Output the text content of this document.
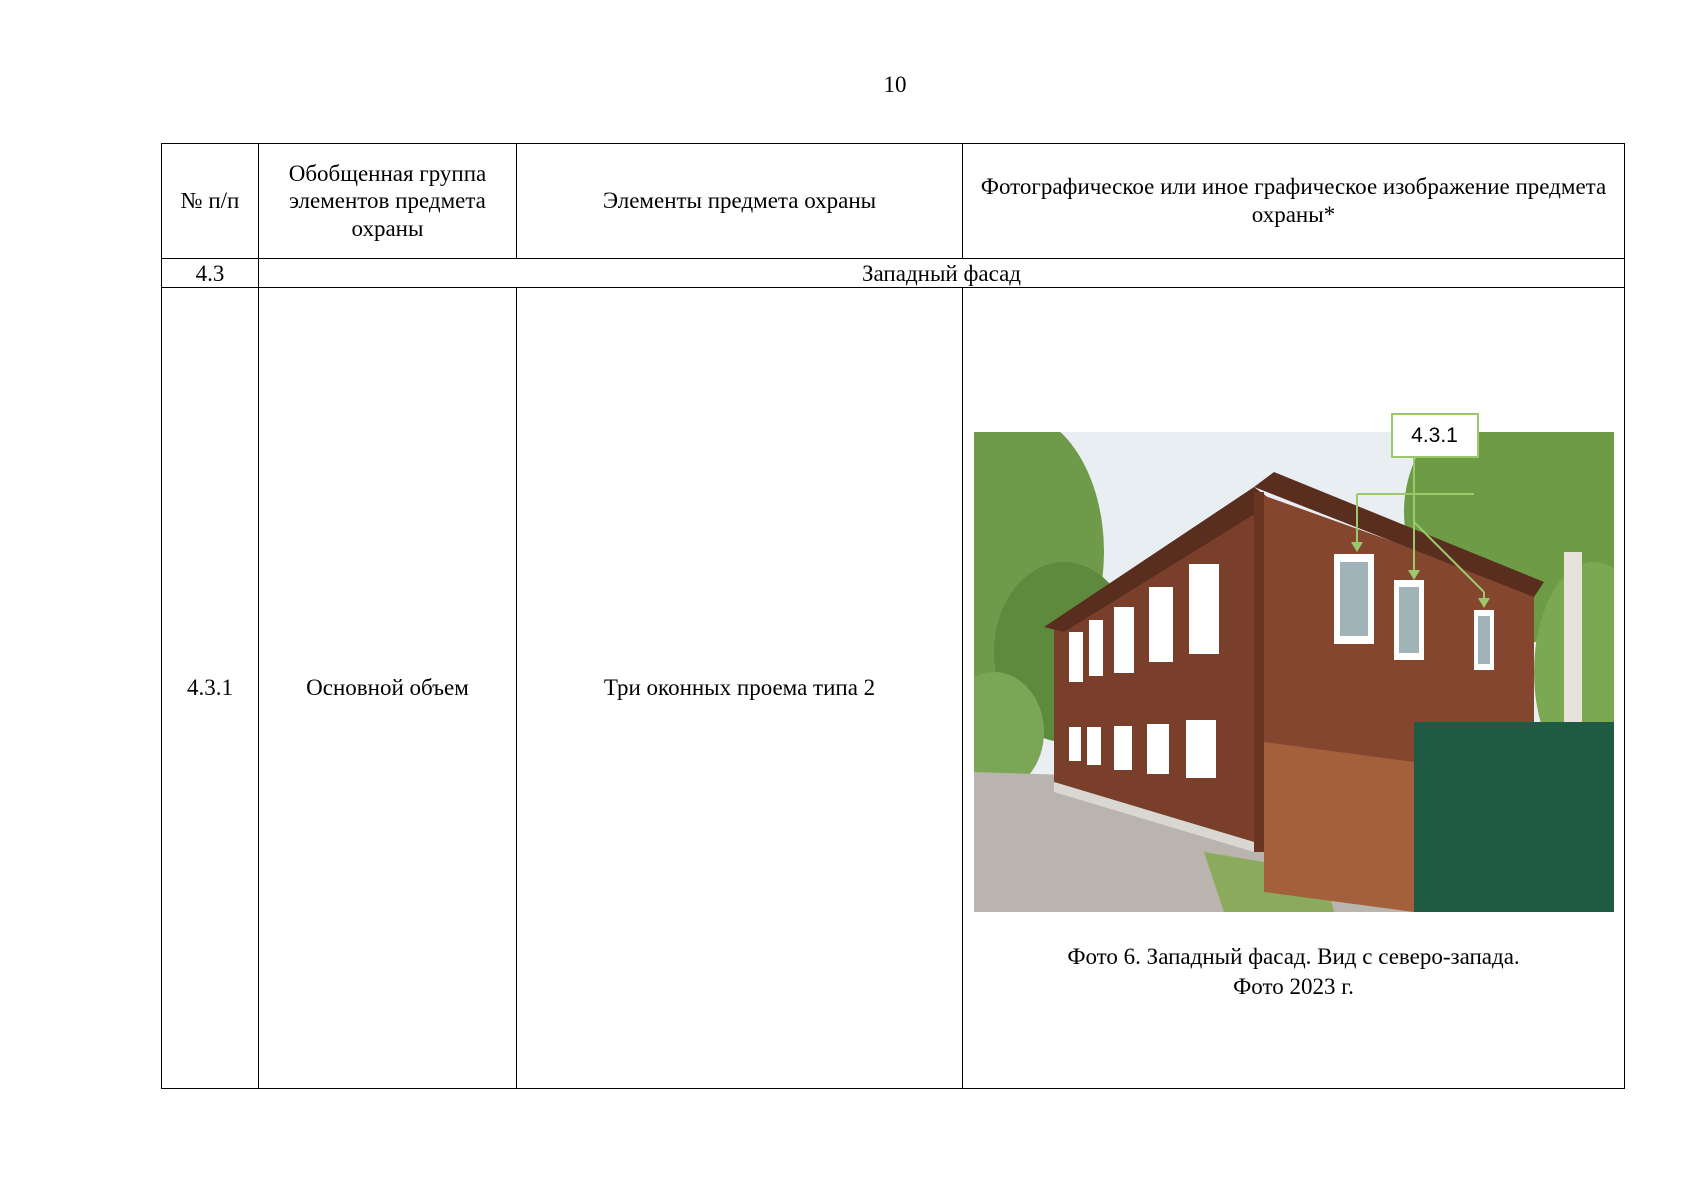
10
№ п/п	Обобщенная группа элементов предмета охраны	Элементы предмета охраны	Фотографическое или иное графическое изображение предмета охраны*
4.3	Западный фасад		
4.3.1	Основной объем	Три оконных проема типа 2	4.3.1
Фото 6. Западный фасад. Вид с северо-запада.
Фото 2023 г.
